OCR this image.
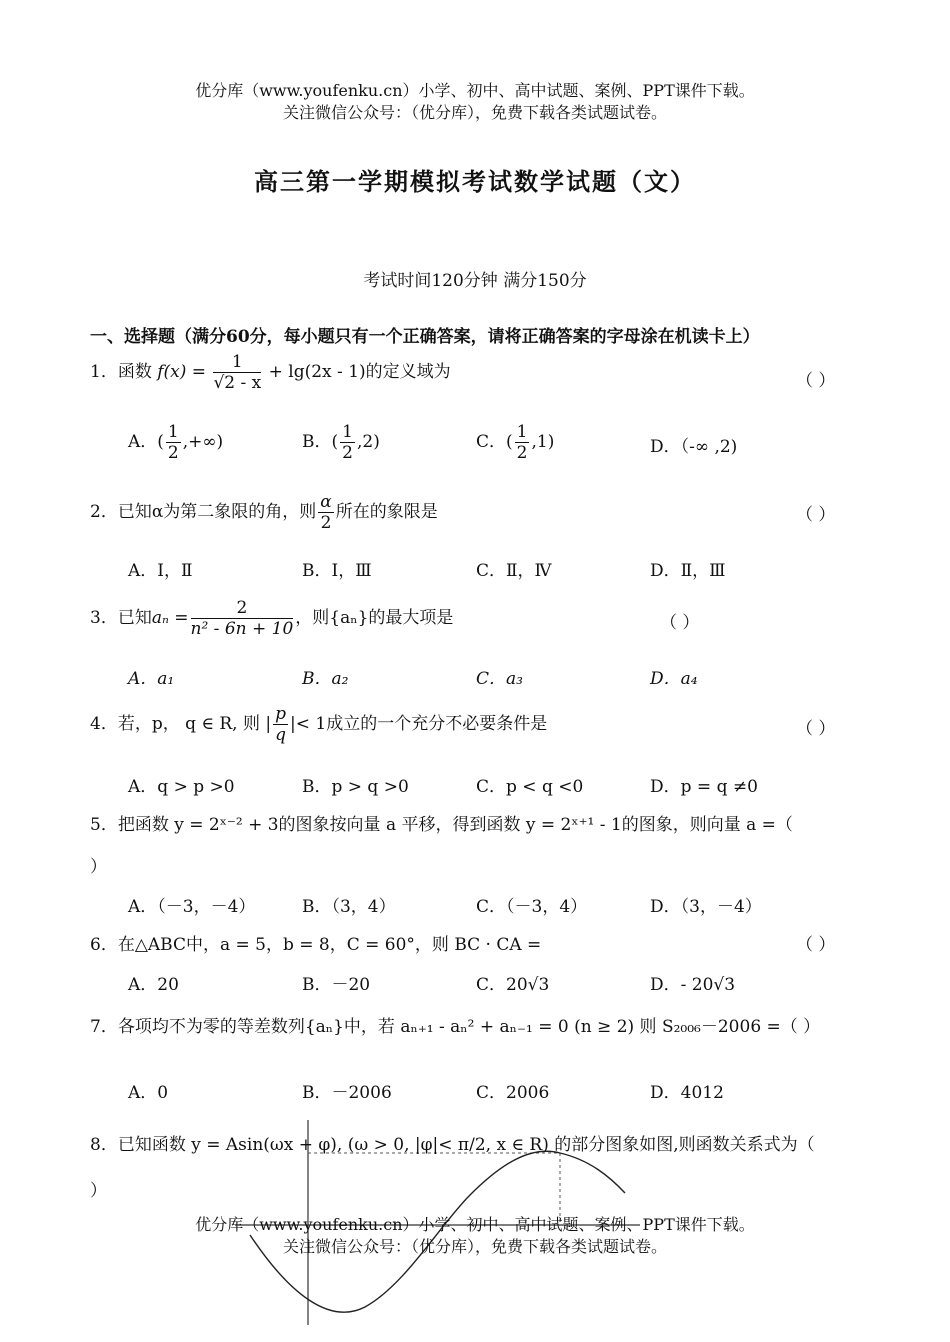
优分库（www.youfenku.cn）小学、初中、高中试题、案例、PPT课件下载。
关注微信公众号：（优分库），免费下载各类试题试卷。
高三第一学期模拟考试数学试题（文）
考试时间120分钟 满分150分
一、选择题（满分60分，每小题只有一个正确答案，请将正确答案的字母涂在机读卡上）
1．函数 $f(x) = \frac{1}{√2 - x} + \lg(2x - 1)$的定义域为	（ ）
A．( $\frac{1}{2}$ ,+∞)	B．( $\frac{1}{2} ,2$)	C．( $\frac{1}{2} ,1$)	D．（-∞ ,2)
2．已知α为第二象限的角，则 $\frac{\alpha}{2}$ 所在的象限是	（ ）
A．Ⅰ，Ⅱ	B．Ⅰ，Ⅲ	C．Ⅱ，Ⅳ	D．Ⅱ，Ⅲ
3．已知$a_n = \frac{2}{\text{n² - 6n + 10}}$ ，则{aₙ}的最大项是	（ ）
A．a₁	B．a₂	C．a₃	D．a₄
4．若，p， q ∈ R, 则 | $\frac{p}{q}$ |< 1成立的一个充分不必要条件是	（ ）
A．q > p >0	B．p > q >0	C．p < q <0	D．p = q ≠0
5．把函数 y = 2ˣ⁻² + 3的图象按向量 a 平移，得到函数 y = 2ˣ⁺¹ - 1的图象，则向量 a =（
）
A．（－3，－4）	B．（3，4）	C．（－3，4）	D．（3，－4）
6．在△ABC中，a = 5，b = 8，C = 60°，则 BC · CA =	（ ）
A．20	B．－20	C．20√3	D．- 20√3
7．各项均不为零的等差数列{aₙ}中，若 aₙ₊₁ - aₙ² + aₙ₋₁ = 0 (n ≥ 2) 则 S₂₀₀₆－2006 =（ ）
A．0	B．－2006	C．2006	D．4012
8．已知函数 y = Asin(ωx + φ), (ω > 0, |φ|< π/2, x ∈ R) 的部分图象如图,则函数关系式为（
）
优分库（www.youfenku.cn）小学、初中、高中试题、案例、PPT课件下载。
关注微信公众号：（优分库），免费下载各类试题试卷。
